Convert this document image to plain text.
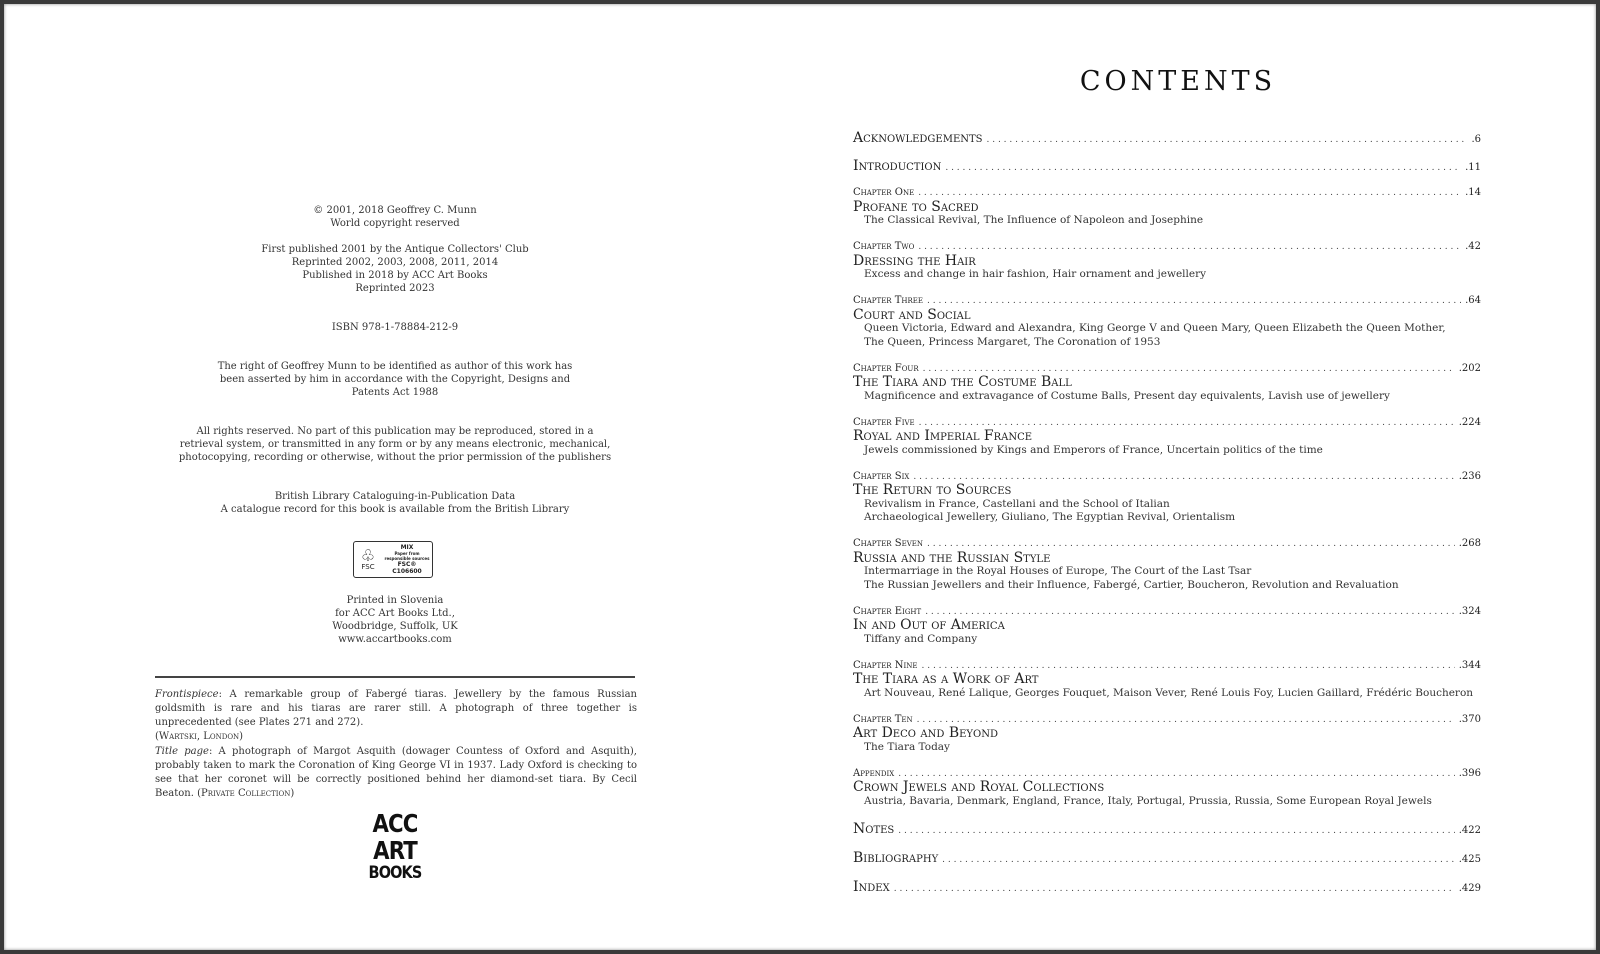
© 2001, 2018 Geoffrey C. Munn
World copyright reserved
First published 2001 by the Antique Collectors' Club
Reprinted 2002, 2003, 2008, 2011, 2014
Published in 2018 by ACC Art Books
Reprinted 2023
ISBN 978-1-78884-212-9
The right of Geoffrey Munn to be identified as author of this work has
been asserted by him in accordance with the Copyright, Designs and
Patents Act 1988
All rights reserved. No part of this publication may be reproduced, stored in a
retrieval system, or transmitted in any form or by any means electronic, mechanical,
photocopying, recording or otherwise, without the prior permission of the publishers
British Library Cataloguing-in-Publication Data
A catalogue record for this book is available from the British Library
♧
FSC
MIX
Paper from
responsible sources
FSC® C106600
Printed in Slovenia
for ACC Art Books Ltd.,
Woodbridge, Suffolk, UK
www.accartbooks.com
Frontispiece: A remarkable group of Fabergé tiaras. Jewellery by the famous Russian goldsmith is rare and his tiaras are rarer still. A photograph of three together is unprecedented (see Plates 271 and 272).
(Wartski, London)
Title page: A photograph of Margot Asquith (dowager Countess of Oxford and Asquith), probably taken to mark the Coronation of King George VI in 1937. Lady Oxford is checking to see that her coronet will be correctly positioned behind her diamond-set tiara. By Cecil Beaton. (Private Collection)
ACC
ART
BOOKS
CONTENTS
Acknowledgements . . .	.6
Introduction . . .	.11
Chapter One . . .	.14
Profane to Sacred
The Classical Revival, The Influence of Napoleon and Josephine
Chapter Two . . .	.42
Dressing the Hair
Excess and change in hair fashion, Hair ornament and jewellery
Chapter Three . . .	.64
Court and Social
Queen Victoria, Edward and Alexandra, King George V and Queen Mary, Queen Elizabeth the Queen Mother,
The Queen, Princess Margaret, The Coronation of 1953
Chapter Four . . .	.202
The Tiara and the Costume Ball
Magnificence and extravagance of Costume Balls, Present day equivalents, Lavish use of jewellery
Chapter Five . . .	.224
Royal and Imperial France
Jewels commissioned by Kings and Emperors of France, Uncertain politics of the time
Chapter Six . . .	.236
The Return to Sources
Revivalism in France, Castellani and the School of Italian
Archaeological Jewellery, Giuliano, The Egyptian Revival, Orientalism
Chapter Seven . . .	.268
Russia and the Russian Style
Intermarriage in the Royal Houses of Europe, The Court of the Last Tsar
The Russian Jewellers and their Influence, Fabergé, Cartier, Boucheron, Revolution and Revaluation
Chapter Eight . . .	.324
In and Out of America
Tiffany and Company
Chapter Nine . . .	.344
The Tiara as a Work of Art
Art Nouveau, René Lalique, Georges Fouquet, Maison Vever, René Louis Foy, Lucien Gaillard, Frédéric Boucheron
Chapter Ten . . .	.370
Art Deco and Beyond
The Tiara Today
Appendix . . .	.396
Crown Jewels and Royal Collections
Austria, Bavaria, Denmark, England, France, Italy, Portugal, Prussia, Russia, Some European Royal Jewels
Notes . . .	.422
Bibliography . . .	.425
Index . . .	.429
